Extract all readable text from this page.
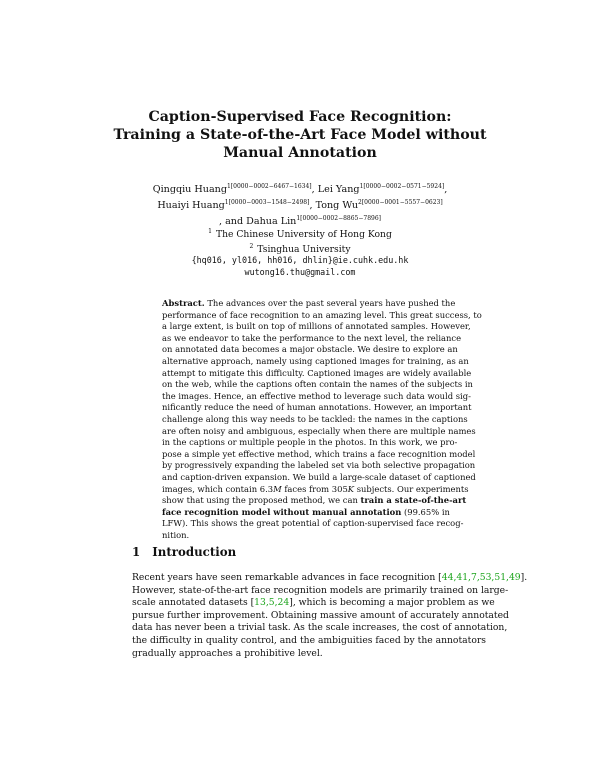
Caption-Supervised Face Recognition:
Training a State-of-the-Art Face Model without
Manual Annotation
Qingqiu Huang$^{1[0000-0002-6467-1634]}$, Lei Yang$^{1[0000-0002-0571-5924]}$,
Huaiyi Huang$^{1[0000-0003-1548-2498]}$, Tong $Wu^{2[0000-0001-5557-0623]}$
, and Dahua Lin$^{1[0000-0002-8865-7896]}$
$^1$ The Chinese University of Hong Kong
$^2$ Tsinghua University
{hq016, yl016, hh016, dhlin}@ie.cuhk.edu.hk
wutong16.thu@gmail.com
Abstract. The advances over the past several years have pushed the
performance of face recognition to an amazing level. This great success, to
a large extent, is built on top of millions of annotated samples. However,
as we endeavor to take the performance to the next level, the reliance
on annotated data becomes a major obstacle. We desire to explore an
alternative approach, namely using captioned images for training, as an
attempt to mitigate this difficulty. Captioned images are widely available
on the web, while the captions often contain the names of the subjects in
the images. Hence, an effective method to leverage such data would sig-
nificantly reduce the need of human annotations. However, an important
challenge along this way needs to be tackled: the names in the captions
are often noisy and ambiguous, especially when there are multiple names
in the captions or multiple people in the photos. In this work, we pro-
pose a simple yet effective method, which trains a face recognition model
by progressively expanding the labeled set via both selective propagation
and caption-driven expansion. We build a large-scale dataset of captioned
images, which contain 6.3M faces from 305K subjects. Our experiments
show that using the proposed method, we can train a state-of-the-art
face recognition model without manual annotation (99.65% in
LFW). This shows the great potential of caption-supervised face recog-
nition.
1 Introduction
Recent years have seen remarkable advances in face recognition [44,41,7,53,51,49].
However, state-of-the-art face recognition models are primarily trained on large-
scale annotated datasets [13,5,24], which is becoming a major problem as we
pursue further improvement. Obtaining massive amount of accurately annotated
data has never been a trivial task. As the scale increases, the cost of annotation,
the difficulty in quality control, and the ambiguities faced by the annotators
gradually approaches a prohibitive level.
